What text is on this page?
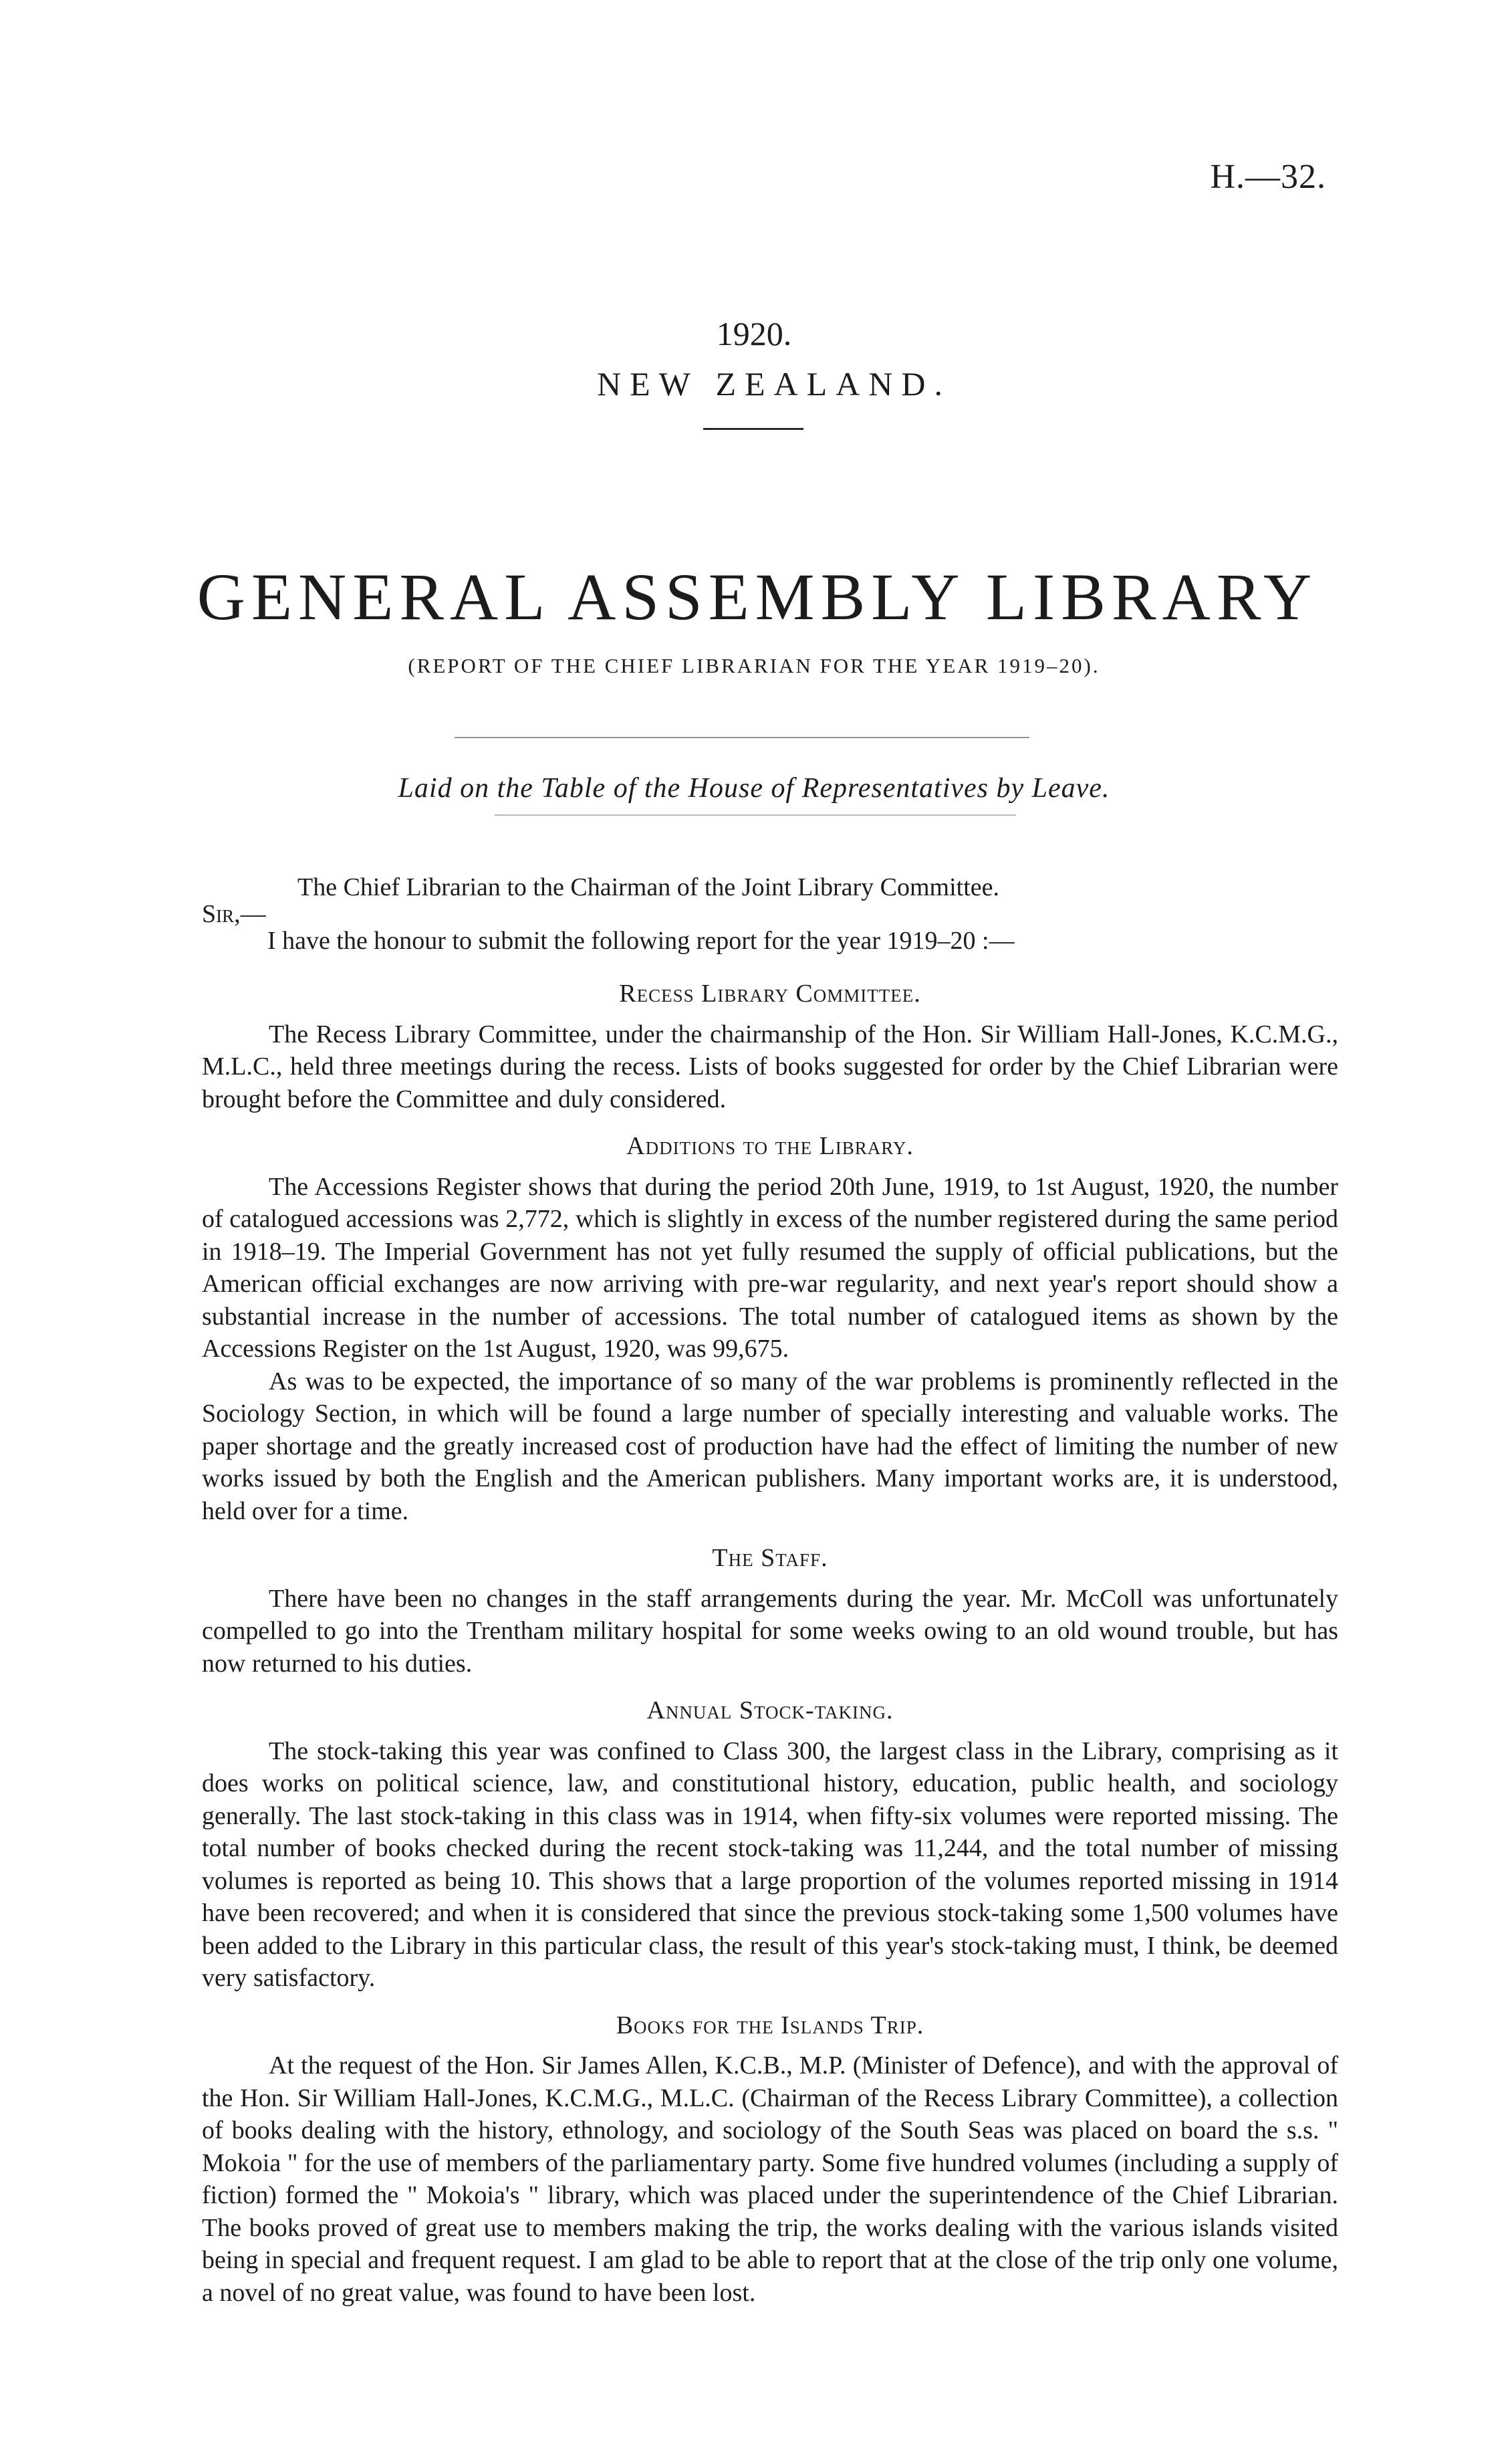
H.—32.
1920.
NEW ZEALAND.
GENERAL ASSEMBLY LIBRARY
(REPORT OF THE CHIEF LIBRARIAN FOR THE YEAR 1919–20).
Laid on the Table of the House of Representatives by Leave.
The Chief Librarian to the Chairman of the Joint Library Committee.
Sir,—
I have the honour to submit the following report for the year 1919–20 :—
Recess Library Committee.

The Recess Library Committee, under the chairmanship of the Hon. Sir William Hall-Jones, K.C.M.G., M.L.C., held three meetings during the recess. Lists of books suggested for order by the Chief Librarian were brought before the Committee and duly considered.

Additions to the Library.

The Accessions Register shows that during the period 20th June, 1919, to 1st August, 1920, the number of catalogued accessions was 2,772, which is slightly in excess of the number registered during the same period in 1918–19. The Imperial Government has not yet fully resumed the supply of official publications, but the American official exchanges are now arriving with pre-war regularity, and next year's report should show a substantial increase in the number of accessions. The total number of catalogued items as shown by the Accessions Register on the 1st August, 1920, was 99,675.

As was to be expected, the importance of so many of the war problems is prominently reflected in the Sociology Section, in which will be found a large number of specially interesting and valuable works. The paper shortage and the greatly increased cost of production have had the effect of limiting the number of new works issued by both the English and the American publishers. Many important works are, it is understood, held over for a time.

The Staff.

There have been no changes in the staff arrangements during the year. Mr. McColl was unfortunately compelled to go into the Trentham military hospital for some weeks owing to an old wound trouble, but has now returned to his duties.

Annual Stock-taking.

The stock-taking this year was confined to Class 300, the largest class in the Library, comprising as it does works on political science, law, and constitutional history, education, public health, and sociology generally. The last stock-taking in this class was in 1914, when fifty-six volumes were reported missing. The total number of books checked during the recent stock-taking was 11,244, and the total number of missing volumes is reported as being 10. This shows that a large proportion of the volumes reported missing in 1914 have been recovered; and when it is considered that since the previous stock-taking some 1,500 volumes have been added to the Library in this particular class, the result of this year's stock-taking must, I think, be deemed very satisfactory.

Books for the Islands Trip.

At the request of the Hon. Sir James Allen, K.C.B., M.P. (Minister of Defence), and with the approval of the Hon. Sir William Hall-Jones, K.C.M.G., M.L.C. (Chairman of the Recess Library Committee), a collection of books dealing with the history, ethnology, and sociology of the South Seas was placed on board the s.s. " Mokoia " for the use of members of the parliamentary party. Some five hundred volumes (including a supply of fiction) formed the " Mokoia's " library, which was placed under the superintendence of the Chief Librarian. The books proved of great use to members making the trip, the works dealing with the various islands visited being in special and frequent request. I am glad to be able to report that at the close of the trip only one volume, a novel of no great value, was found to have been lost.
